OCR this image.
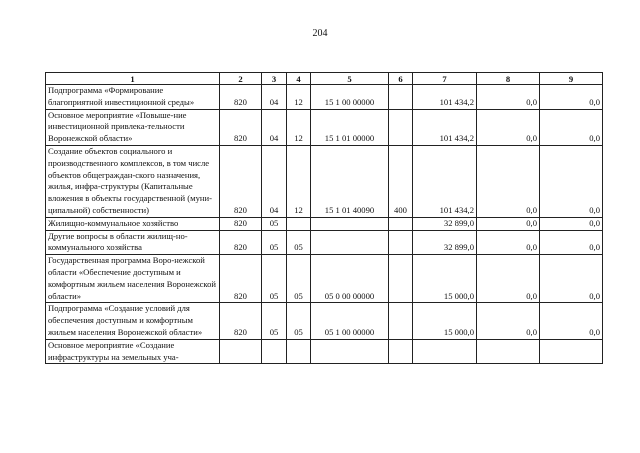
204
1	2	3	4	5	6	7	8	9
Подпрограмма «Формирование благоприятной инвестиционной среды»	820	04	12	15 1 00 00000		101 434,2	0,0	0,0
Основное мероприятие «Повыше-ние инвестиционной привлека-тельности Воронежской области»	820	04	12	15 1 01 00000		101 434,2	0,0	0,0
Создание объектов социального и производственного комплексов, в том числе объектов общеграждан-ского назначения, жилья, инфра-структуры (Капитальные вложения в объекты государственной (муни-ципальной) собственности)	820	04	12	15 1 01 40090	400	101 434,2	0,0	0,0
Жилищно-коммунальное хозяйство	820	05				32 899,0	0,0	0,0
Другие вопросы в области жилищ-но-коммунального хозяйства	820	05	05			32 899,0	0,0	0,0
Государственная программа Воро-нежской области «Обеспечение доступным и комфортным жильем населения Воронежской области»	820	05	05	05 0 00 00000		15 000,0	0,0	0,0
Подпрограмма «Создание условий для обеспечения доступным и комфортным жильем населения Воронежской области»	820	05	05	05 1 00 00000		15 000,0	0,0	0,0
Основное мероприятие «Создание инфраструктуры на земельных уча-								
